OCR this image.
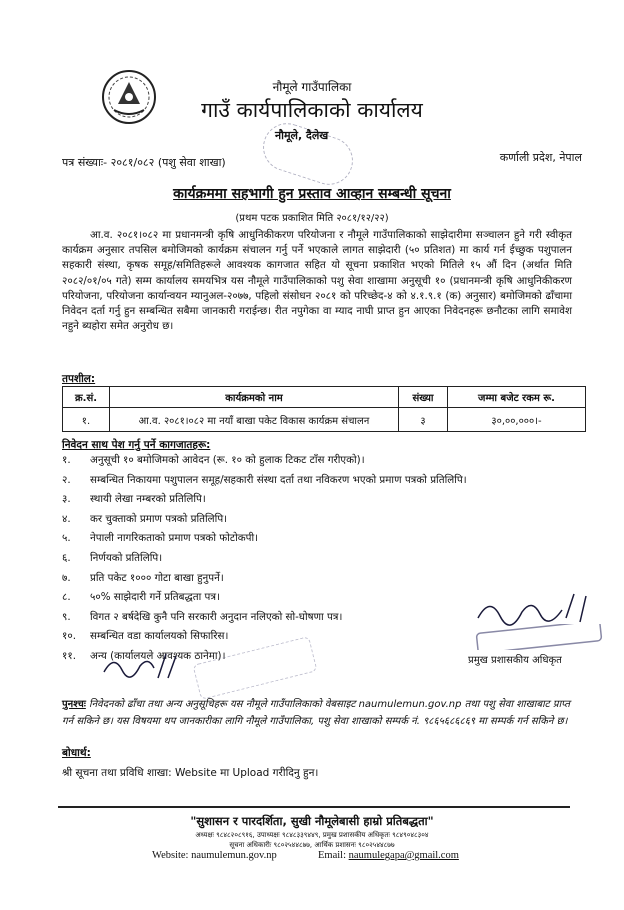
नौमूले गाउँपालिका
गाउँ कार्यपालिकाको कार्यालय
नौमूले, दैलेख
कर्णाली प्रदेश, नेपाल
पत्र संख्याः- २०८१/०८२ (पशु सेवा शाखा)
कार्यक्रममा सहभागी हुन प्रस्ताव आव्हान सम्बन्धी सूचना
(प्रथम पटक प्रकाशित मिति २०८१/१२/२२)
आ.व. २०८१।०८२ मा प्रधानमन्त्री कृषि आधुनिकीकरण परियोजना र नौमूले गाउँपालिकाको साझेदारीमा सञ्चालन हुने गरी स्वीकृत कार्यक्रम अनुसार तपसिल बमोजिमको कार्यक्रम संचालन गर्नु पर्ने भएकाले लागत साझेदारी (५० प्रतिशत) मा कार्य गर्न ईच्छुक पशुपालन सहकारी संस्था, कृषक समूह/समितिहरूले आवश्यक कागजात सहित यो सूचना प्रकाशित भएको मितिले १५ औं दिन (अर्थात मिति २०८२/०१/०५ गते) सम्म कार्यालय समयभित्र यस नौमूले गाउँपालिकाको पशु सेवा शाखामा अनुसूची १० (प्रधानमन्त्री कृषि आधुनिकीकरण परियोजना, परियोजना कार्यान्वयन म्यानुअल-२०७७, पहिलो संसोधन २०८१ को परिच्छेद-४ को ४.१.९.१ (क) अनुसार) बमोजिमको ढाँचामा निवेदन दर्ता गर्नु हुन सम्बन्धित सबैमा जानकारी गराईन्छ। रीत नपुगेका वा म्याद नाघी प्राप्त हुन आएका निवेदनहरू छनौटका लागि समावेश नहुने ब्यहोरा समेत अनुरोध छ।
तपशील:
क्र.सं.	कार्यक्रमको नाम	संख्या	जम्मा बजेट रकम रू.
१.	आ.व. २०८१।०८२ मा नयाँ बाखा पकेट विकास कार्यक्रम संचालन	३	३०,००,०००।-
निवेदन साथ पेश गर्नु पर्ने कागजातहरू:
१.	अनुसूची १० बमोजिमको आवेदन (रू. १० को हुलाक टिकट टाँस गरीएको)।
२.	सम्बन्धित निकायमा पशुपालन समूह/सहकारी संस्था दर्ता तथा नविकरण भएको प्रमाण पत्रको प्रतिलिपि।
३.	स्थायी लेखा नम्बरको प्रतिलिपि।
४.	कर चुक्ताको प्रमाण पत्रको प्रतिलिपि।
५.	नेपाली नागरिकताको प्रमाण पत्रको फोटोकपी।
६.	निर्णयको प्रतिलिपि।
७.	प्रति पकेट १००० गोटा बाखा हुनुपर्ने।
८.	५०% साझेदारी गर्ने प्रतिबद्धता पत्र।
९.	विगत २ बर्षदेखि कुनै पनि सरकारी अनुदान नलिएको सो-घोषणा पत्र।
१०.	सम्बन्धित वडा कार्यालयको सिफारिस।
११.	अन्य (कार्यालयले आवश्यक ठानेमा)।	प्रमुख प्रशासकीय अधिकृत
पुनश्चः निवेदनको ढाँचा तथा अन्य अनुसूचिहरू यस नौमूले गाउँपालिकाको वेबसाइट naumulemun.gov.np तथा पशु सेवा शाखाबाट प्राप्त गर्न सकिने छ। यस विषयमा थप जानकारीका लागि नौमूले गाउँपालिका, पशु सेवा शाखाको सम्पर्क नं. ९८६५६८६८६९ मा सम्पर्क गर्न सकिने छ।
बोधार्थ:
श्री सूचना तथा प्रविधि शाखा: Website मा Upload गरीदिनु हुन।
"सुशासन र पारदर्शिता, सुखी नौमूलेबासी हाम्रो प्रतिबद्धता"
अध्यक्षः ९८४८२०८९१६, उपाध्यक्षः ९८४८३३९४४९, प्रमुख प्रशासकीय अधिकृतः ९८४९०४८३०४
सूचना अधिकारीः ९८०२५४४८७७, आर्थिक प्रशासनः ९८०२५४४८७७
Website: naumulemun.gov.np	Email: naumulegapa@gmail.com
